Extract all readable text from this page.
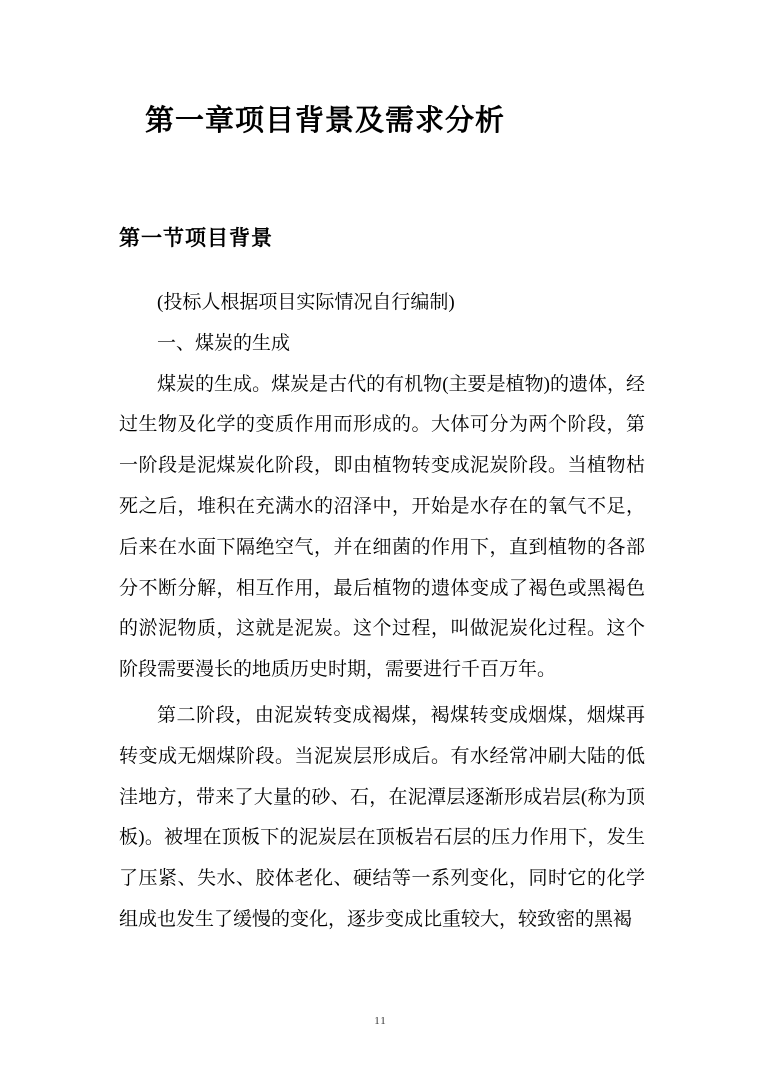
第一章项目背景及需求分析
第一节项目背景

(投标人根据项目实际情况自行编制)

一、煤炭的生成

煤炭的生成。煤炭是古代的有机物(主要是植物)的遗体，经过生物及化学的变质作用而形成的。大体可分为两个阶段，第一阶段是泥煤炭化阶段，即由植物转变成泥炭阶段。当植物枯死之后，堆积在充满水的沼泽中，开始是水存在的氧气不足，后来在水面下隔绝空气，并在细菌的作用下，直到植物的各部分不断分解，相互作用，最后植物的遗体变成了褐色或黑褐色的淤泥物质，这就是泥炭。这个过程，叫做泥炭化过程。这个阶段需要漫长的地质历史时期，需要进行千百万年。

第二阶段，由泥炭转变成褐煤，褐煤转变成烟煤，烟煤再转变成无烟煤阶段。当泥炭层形成后。有水经常冲刷大陆的低洼地方，带来了大量的砂、石，在泥潭层逐渐形成岩层(称为顶板)。被埋在顶板下的泥炭层在顶板岩石层的压力作用下，发生了压紧、失水、胶体老化、硬结等一系列变化，同时它的化学组成也发生了缓慢的变化，逐步变成比重较大，较致密的黑褐

11
